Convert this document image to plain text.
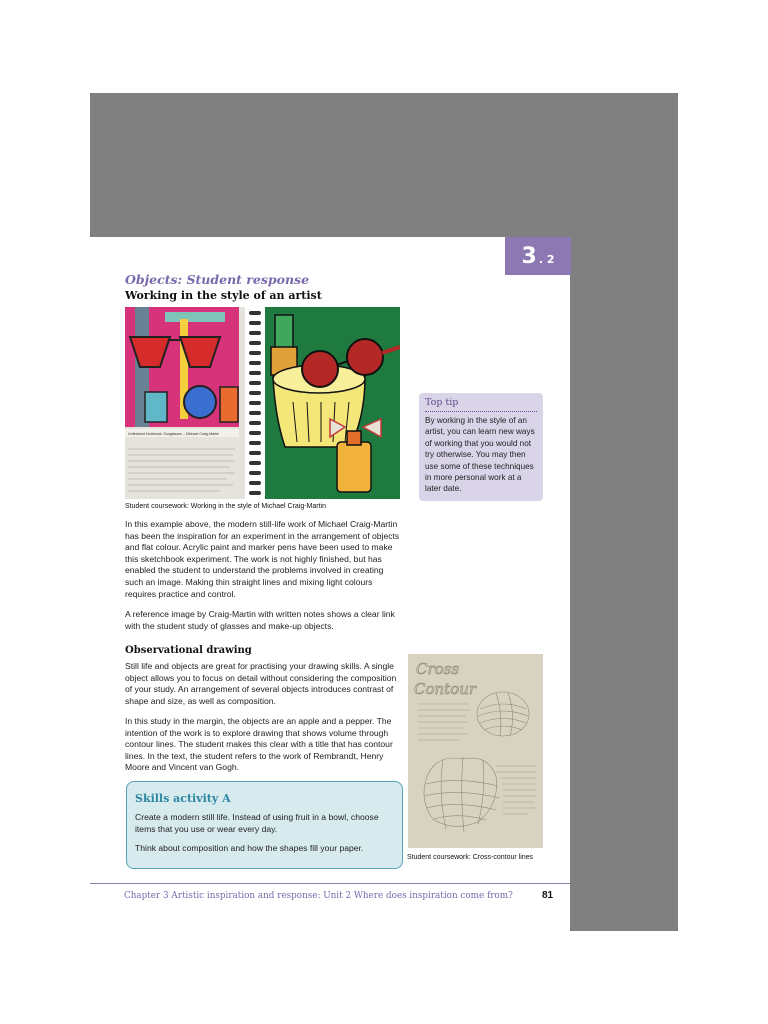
3 . 2
Objects: Student response
Working in the style of an artist
Unfinished Notebook: Sunglasses – Michael Craig-Martin
Student coursework: Working in the style of Michael Craig-Martin

In this example above, the modern still-life work of Michael Craig-Martin has been the inspiration for an experiment in the arrangement of objects and flat colour. Acrylic paint and marker pens have been used to make this sketchbook experiment. The work is not highly finished, but has enabled the student to understand the problems involved in creating such an image. Making thin straight lines and mixing light colours requires practice and control.

A reference image by Craig-Martin with written notes shows a clear link with the student study of glasses and make-up objects.

Observational drawing

Still life and objects are great for practising your drawing skills. A single object allows you to focus on detail without considering the composition of your study. An arrangement of several objects introduces contrast of shape and size, as well as composition.

In this study in the margin, the objects are an apple and a pepper. The intention of the work is to explore drawing that shows volume through contour lines. The student makes this clear with a title that has contour lines. In the text, the student refers to the work of Rembrandt, Henry Moore and Vincent van Gogh.

Top tip

By working in the style of an artist, you can learn new ways of working that you would not try otherwise. You may then use some of these techniques in more personal work at a later date.

Skills activity A

Create a modern still life. Instead of using fruit in a bowl, choose items that you use or wear every day.

Think about composition and how the shapes fill your paper.

Cross
Contour
Student coursework: Cross-contour lines
Chapter 3 Artistic inspiration and response: Unit 2 Where does inspiration come from?	81
